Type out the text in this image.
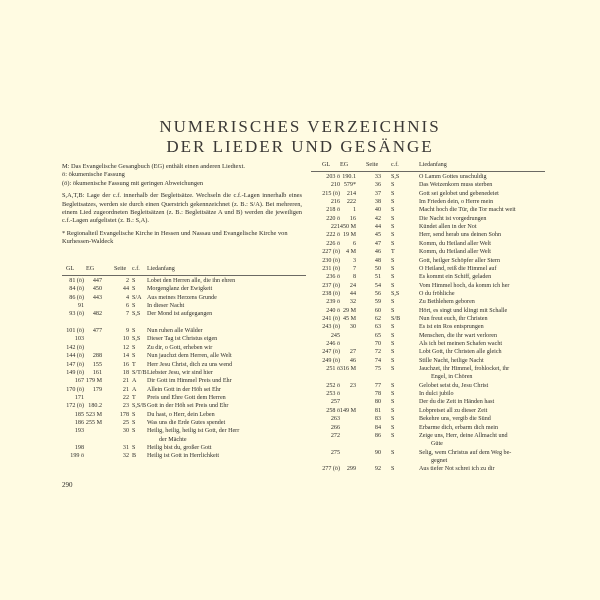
NUMERISCHES VERZEICHNIS
DER LIEDER UND GESÄNGE

M: Das Evangelische Gesangbuch (EG) enthält einen anderen Liedtext.

ö: ökumenische Fassung

(ö): ökumenische Fassung mit geringen Abweichungen

S,A,T,B: Lage der c.f. innerhalb der Begleitsätze. Wechseln die c.f.-Lagen innerhalb eines Begleitsatzes, werden sie durch einen Querstrich gekennzeichnet (z. B.: S/A). Bei mehreren, einem Lied zugeordneten Begleitsätzen (z. B.: Begleitsätze A und B) werden die jeweiligen c.f.-Lagen aufgelistet (z. B.: S,A).

* Regionalteil Evangelische Kirche in Hessen und Nassau und Evangelische Kirche von Kurhessen-Waldeck

GL EG	Seite c.f. Liedanfang
81 (ö) 447	2 S Lobet den Herren alle, die ihn ehren
84 (ö) 450	44 S Morgenglanz der Ewigkeit
86 (ö) 443	4 S/A Aus meines Herzens Grunde
91	6 S In dieser Nacht
93 (ö) 482	7 S,S Der Mond ist aufgegangen
101 (ö) 477	9 S Nun ruhen alle Wälder
103	10 S,S Dieser Tag ist Christus eigen
142 (ö)	12 S Zu dir, o Gott, erheben wir
144 (ö) 288	14 S Nun jauchzt dem Herren, alle Welt
147 (ö) 155	16 T Herr Jesu Christ, dich zu uns wend
149 (ö) 161	18 S/T/B Liebster Jesu, wir sind hier
167 179 M	21 A Dir Gott im Himmel Preis und Ehr
170 (ö) 179	21 A Allein Gott in der Höh sei Ehr
171	22 T Preis und Ehre Gott dem Herren
172 (ö) 180.2	23 S,S/B Gott in der Höh sei Preis und Ehr
185 523 M	178 S Du hast, o Herr, dein Leben
186 255 M	25 S Was uns die Erde Gutes spendet
193	30 S Heilig, heilig, heilig ist Gott, der Herr
der Mächte
198	31 S Heilig bist du, großer Gott
199 ö	32 B Heilig ist Gott in Herrlichkeit
GL EG	Seite c.f.	Liedanfang
203 ö 190.1	33 S,S	O Lamm Gottes unschuldig
210 579*	36 S	Das Weizenkorn muss sterben
215 (ö) 214	37 S	Gott sei gelobet und gebenedeiet
216 222	38 S	Im Frieden dein, o Herre mein
218 ö 1	40 S	Macht hoch die Tür, die Tor macht weit
220 ö 16	42 S	Die Nacht ist vorgedrungen
221 450 M	44 S	Kündet allen in der Not
222 ö 19 M	45 S	Herr, send herab uns deinen Sohn
226 ö 6	47 S	Komm, du Heiland aller Welt
227 (ö) 4 M	46 T	Komm, du Heiland aller Welt
230 (ö) 3	48 S	Gott, heilger Schöpfer aller Stern
231 (ö) 7	50 S	O Heiland, reiß die Himmel auf
236 ö 8	51 S	Es kommt ein Schiff, geladen
237 (ö) 24	54 S	Vom Himmel hoch, da komm ich her
238 (ö) 44	56 S,S	O du fröhliche
239 ö 32	59 S	Zu Bethlehem geboren
240 ö 29 M	60 S	Hört, es singt und klingt mit Schalle
241 (ö) 45 M	62 S/B	Nun freut euch, ihr Christen
243 (ö) 30	63 S	Es ist ein Ros entsprungen
245	65 S	Menschen, die ihr wart verloren
246 ö	70 S	Als ich bei meinen Schafen wacht
247 (ö) 27	72 S	Lobt Gott, ihr Christen alle gleich
249 (ö) 46	74 S	Stille Nacht, heilige Nacht
251 ö 316 M	75 S	Jauchzet, ihr Himmel, frohlocket, ihr
Engel, in Chören
252 ö 23	77 S	Gelobet seist du, Jesu Christ
253 ö	78 S	In dulci jubilo
257	80 S	Der du die Zeit in Händen hast
258 ö 149 M	81 S	Lobpreiset all zu dieser Zeit
263	83 S	Bekehre uns, vergib die Sünd
266	84 S	Erbarme dich, erbarm dich mein
272	86 S	Zeige uns, Herr, deine Allmacht und
Güte
275	90 S	Selig, wem Christus auf dem Weg be-
gegnet
277 (ö) 299	92 S	Aus tiefer Not schrei ich zu dir
290
